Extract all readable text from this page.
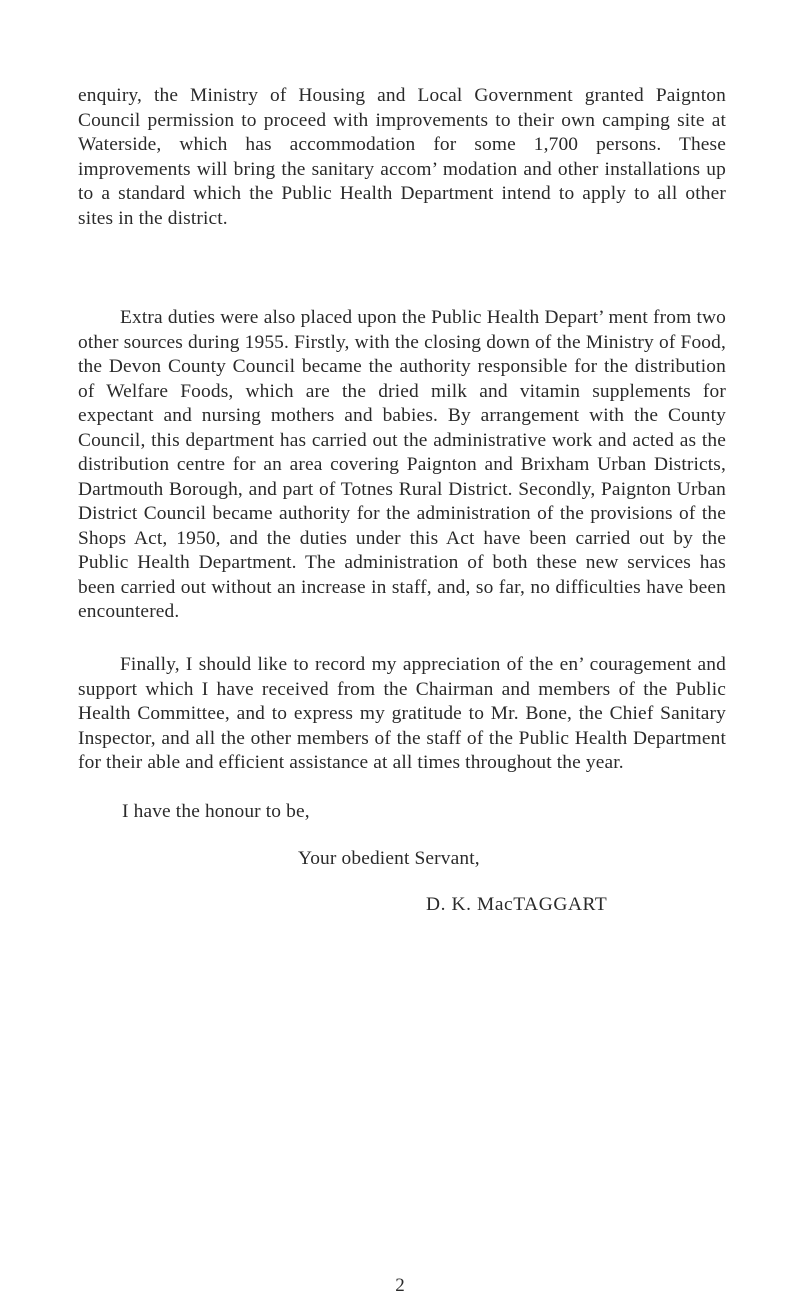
enquiry, the Ministry of Housing and Local Government granted Paignton Council permission to proceed with improvements to their own camping site at Waterside, which has accommodation for some 1,700 persons. These improvements will bring the sanitary accom’ modation and other installations up to a standard which the Public Health Department intend to apply to all other sites in the district.

Extra duties were also placed upon the Public Health Depart’ ment from two other sources during 1955. Firstly, with the closing down of the Ministry of Food, the Devon County Council became the authority responsible for the distribution of Welfare Foods, which are the dried milk and vitamin supplements for expectant and nursing mothers and babies. By arrangement with the County Council, this department has carried out the administrative work and acted as the distribution centre for an area covering Paignton and Brixham Urban Districts, Dartmouth Borough, and part of Totnes Rural District. Secondly, Paignton Urban District Council became authority for the administration of the provisions of the Shops Act, 1950, and the duties under this Act have been carried out by the Public Health Department. The administration of both these new services has been carried out without an increase in staff, and, so far, no difficulties have been encountered.

Finally, I should like to record my appreciation of the en’ couragement and support which I have received from the Chairman and members of the Public Health Committee, and to express my gratitude to Mr. Bone, the Chief Sanitary Inspector, and all the other members of the staff of the Public Health Department for their able and efficient assistance at all times throughout the year.

I have the honour to be,

Your obedient Servant,

D. K. MacTAGGART

2
